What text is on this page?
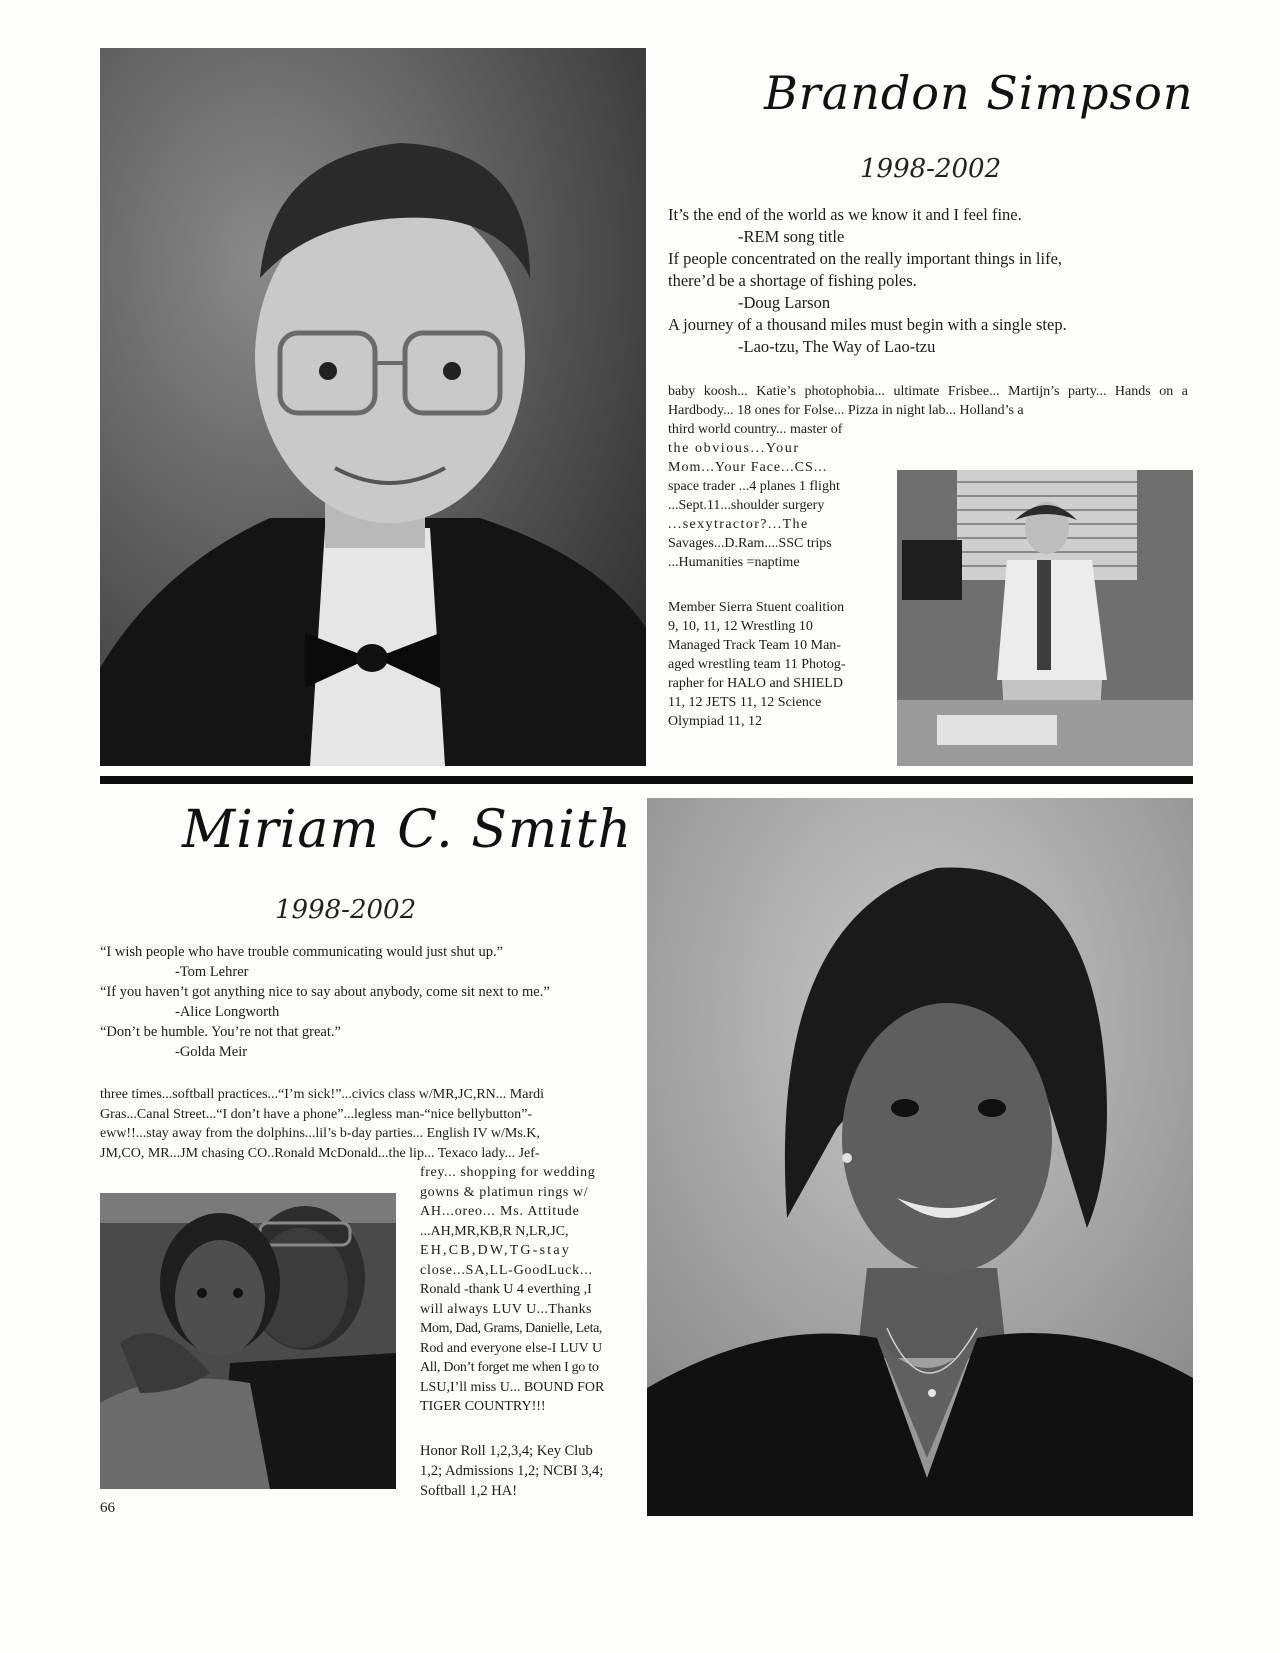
Brandon Simpson
1998-2002
It’s the end of the world as we know it and I feel fine.
-REM song title
If people concentrated on the really important things in life,
there’d be a shortage of fishing poles.
-Doug Larson
A journey of a thousand miles must begin with a single step.
-Lao-tzu, The Way of Lao-tzu
baby koosh... Katie’s photophobia... ultimate Frisbee... Martijn’s party... Hands on a Hardbody... 18 ones for Folse... Pizza in night lab... Holland’s a
third world country... master of
the obvious...Your
Mom...Your Face...CS...
space trader ...4 planes 1 flight
...Sept.11...shoulder surgery
...sexytractor?...The
Savages...D.Ram....SSC trips
...Humanities =naptime
Member Sierra Stuent coalition
9, 10, 11, 12 Wrestling 10
Managed Track Team 10 Man-
aged wrestling team 11 Photog-
rapher for HALO and SHIELD
11, 12 JETS 11, 12 Science
Olympiad 11, 12
Miriam C. Smith
1998-2002
“I wish people who have trouble communicating would just shut up.”
-Tom Lehrer
“If you haven’t got anything nice to say about anybody, come sit next to me.”
-Alice Longworth
“Don’t be humble. You’re not that great.”
-Golda Meir
three times...softball practices...“I’m sick!”...civics class w/MR,JC,RN... Mardi
Gras...Canal Street...“I don’t have a phone”...legless man-“nice bellybutton”-
eww!!...stay away from the dolphins...lil’s b-day parties... English IV w/Ms.K,
JM,CO, MR...JM chasing CO..Ronald McDonald...the lip... Texaco lady... Jef-
frey... shopping for wedding
gowns & platimun rings w/
AH...oreo... Ms. Attitude
...AH,MR,KB,R N,LR,JC,
EH,CB,DW,TG-stay
close...SA,LL-GoodLuck...
Ronald -thank U 4 everthing ,I
will always LUV U...Thanks
Mom, Dad, Grams, Danielle, Leta,
Rod and everyone else-I LUV U
All, Don’t forget me when I go to
LSU,I’ll miss U... BOUND FOR
TIGER COUNTRY!!!
Honor Roll 1,2,3,4; Key Club
1,2; Admissions 1,2; NCBI 3,4;
Softball 1,2 HA!
66
